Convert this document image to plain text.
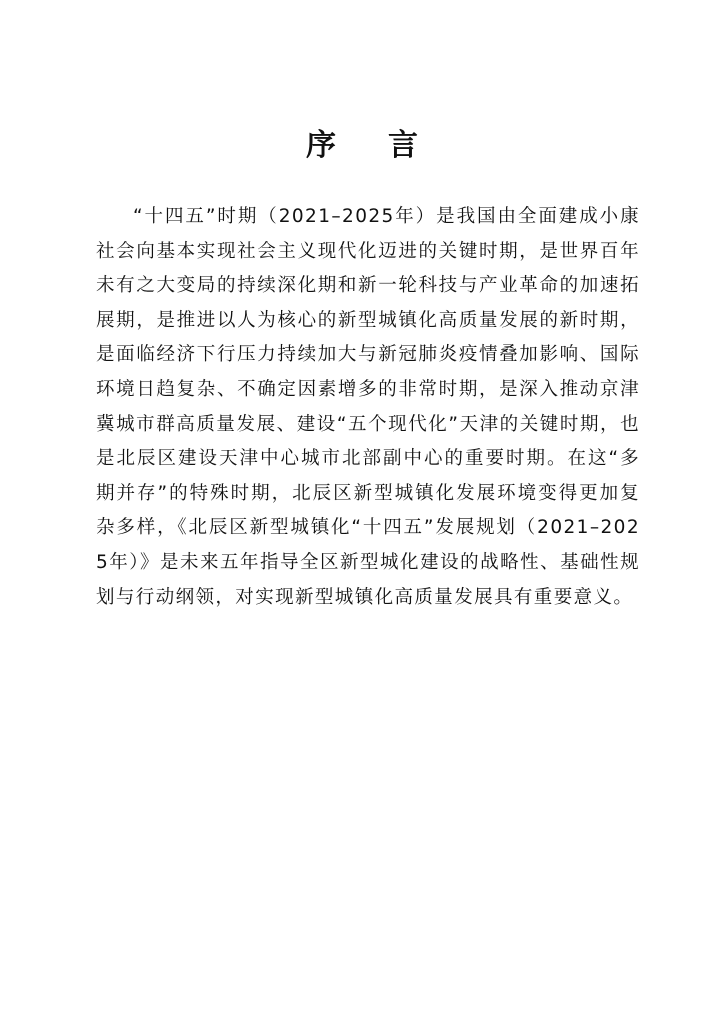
序 言

“十四五”时期（2021–2025年）是我国由全面建成小康社会向基本实现社会主义现代化迈进的关键时期，是世界百年未有之大变局的持续深化期和新一轮科技与产业革命的加速拓展期，是推进以人为核心的新型城镇化高质量发展的新时期，是面临经济下行压力持续加大与新冠肺炎疫情叠加影响、国际环境日趋复杂、不确定因素增多的非常时期，是深入推动京津冀城市群高质量发展、建设“五个现代化”天津的关键时期，也是北辰区建设天津中心城市北部副中心的重要时期。在这“多期并存”的特殊时期，北辰区新型城镇化发展环境变得更加复杂多样，《北辰区新型城镇化“十四五”发展规划（2021–2025年）》是未来五年指导全区新型城化建设的战略性、基础性规划与行动纲领，对实现新型城镇化高质量发展具有重要意义。
